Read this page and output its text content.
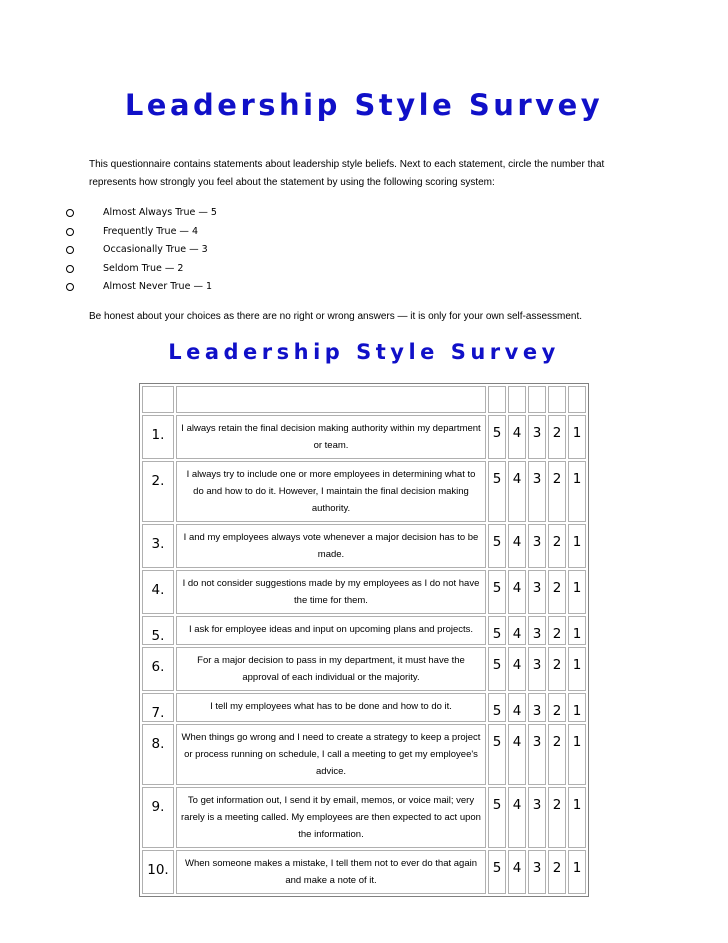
Leadership Style Survey
This questionnaire contains statements about leadership style beliefs. Next to each statement, circle the number that represents how strongly you feel about the statement by using the following scoring system:
Almost Always True — 5
Frequently True — 4
Occasionally True — 3
Seldom True — 2
Almost Never True — 1
Be honest about your choices as there are no right or wrong answers — it is only for your own self-assessment.
Leadership Style Survey

1.	I always retain the final decision making authority within my department or team.	5	4	3	2	1
2.	I always try to include one or more employees in determining what to do and how to do it. However, I maintain the final decision making authority.	5	4	3	2	1
3.	I and my employees always vote whenever a major decision has to be made.	5	4	3	2	1
4.	I do not consider suggestions made by my employees as I do not have the time for them.	5	4	3	2	1
5.	I ask for employee ideas and input on upcoming plans and projects.	5	4	3	2	1
6.	For a major decision to pass in my department, it must have the approval of each individual or the majority.	5	4	3	2	1
7.	I tell my employees what has to be done and how to do it.	5	4	3	2	1
8.	When things go wrong and I need to create a strategy to keep a project or process running on schedule, I call a meeting to get my employee's advice.	5	4	3	2	1
9.	To get information out, I send it by email, memos, or voice mail; very rarely is a meeting called. My employees are then expected to act upon the information.	5	4	3	2	1
10.	When someone makes a mistake, I tell them not to ever do that again and make a note of it.	5	4	3	2	1
